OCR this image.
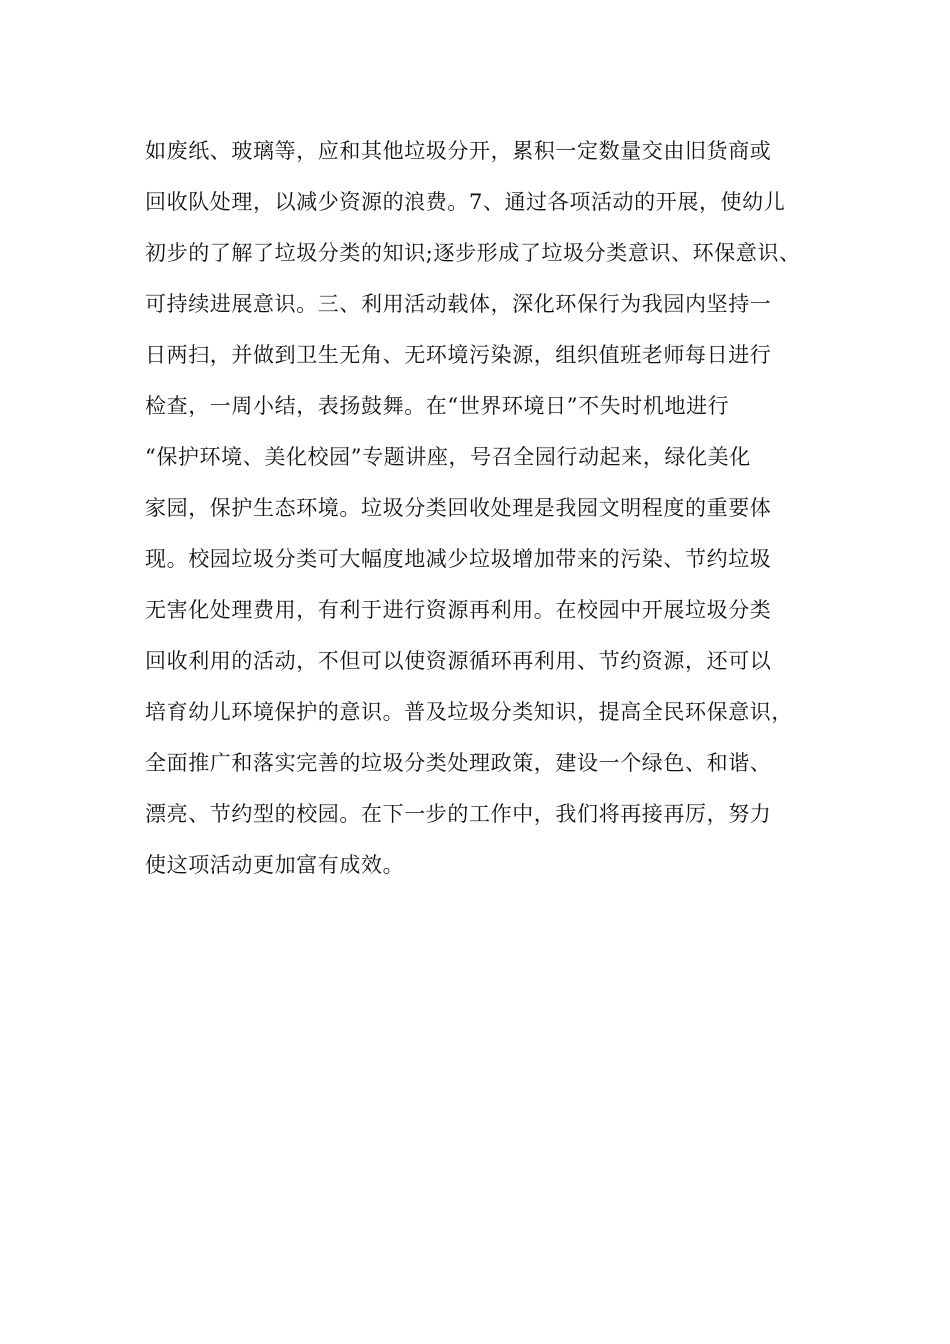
如废纸、玻璃等，应和其他垃圾分开，累积一定数量交由旧货商或
回收队处理，以减少资源的浪费。7、通过各项活动的开展，使幼儿
初步的了解了垃圾分类的知识;逐步形成了垃圾分类意识、环保意识、
可持续进展意识。三、利用活动载体，深化环保行为我园内坚持一
日两扫，并做到卫生无角、无环境污染源，组织值班老师每日进行
检查，一周小结，表扬鼓舞。在“世界环境日”不失时机地进行
“保护环境、美化校园”专题讲座，号召全园行动起来，绿化美化
家园，保护生态环境。垃圾分类回收处理是我园文明程度的重要体
现。校园垃圾分类可大幅度地减少垃圾增加带来的污染、节约垃圾
无害化处理费用，有利于进行资源再利用。在校园中开展垃圾分类
回收利用的活动，不但可以使资源循环再利用、节约资源，还可以
培育幼儿环境保护的意识。普及垃圾分类知识，提高全民环保意识，
全面推广和落实完善的垃圾分类处理政策，建设一个绿色、和谐、
漂亮、节约型的校园。在下一步的工作中，我们将再接再厉，努力
使这项活动更加富有成效。
